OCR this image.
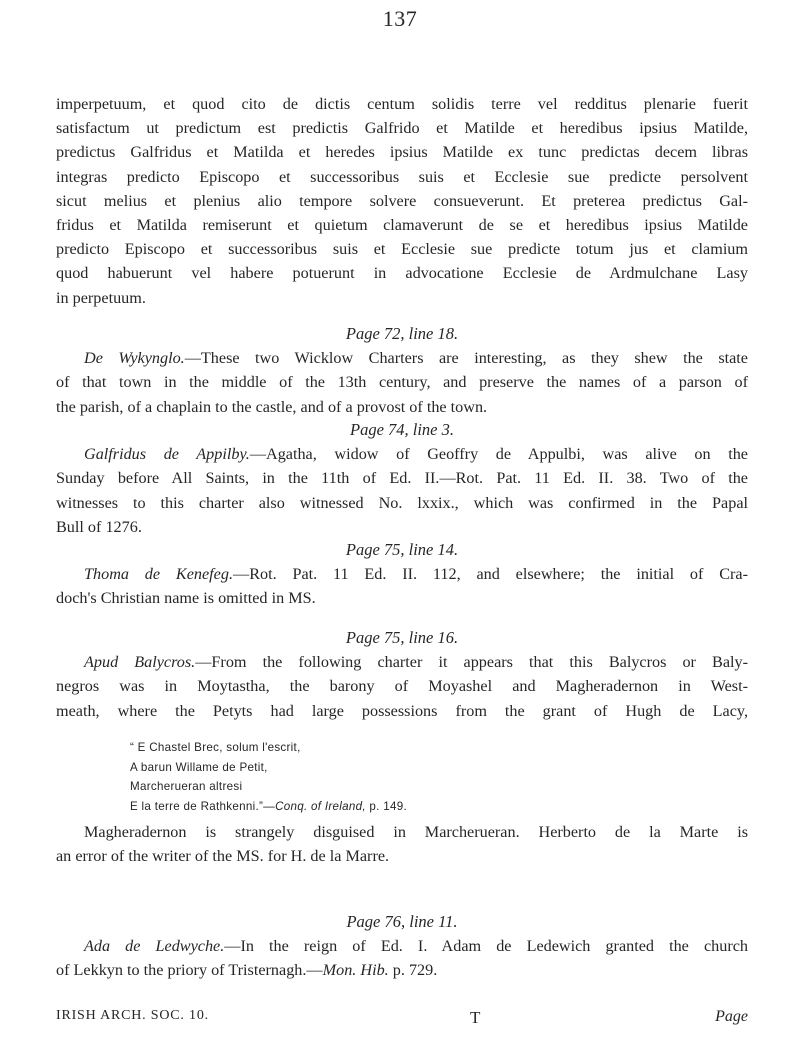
137
imperpetuum, et quod cito de dictis centum solidis terre vel redditus plenarie fuerit
satisfactum ut predictum est predictis Galfrido et Matilde et heredibus ipsius Matilde,
predictus Galfridus et Matilda et heredes ipsius Matilde ex tunc predictas decem libras
integras predicto Episcopo et successoribus suis et Ecclesie sue predicte persolvent
sicut melius et plenius alio tempore solvere consueverunt. Et preterea predictus Gal-
fridus et Matilda remiserunt et quietum clamaverunt de se et heredibus ipsius Matilde
predicto Episcopo et successoribus suis et Ecclesie sue predicte totum jus et clamium
quod habuerunt vel habere potuerunt in advocatione Ecclesie de Ardmulchane Lasy
in perpetuum.
Page 72, line 18.
De Wykynglo.—These two Wicklow Charters are interesting, as they shew the state
of that town in the middle of the 13th century, and preserve the names of a parson of
the parish, of a chaplain to the castle, and of a provost of the town.
Page 74, line 3.
Galfridus de Appilby.—Agatha, widow of Geoffry de Appulbi, was alive on the
Sunday before All Saints, in the 11th of Ed. II.—Rot. Pat. 11 Ed. II. 38. Two of the
witnesses to this charter also witnessed No. lxxix., which was confirmed in the Papal
Bull of 1276.
Page 75, line 14.
Thoma de Kenefeg.—Rot. Pat. 11 Ed. II. 112, and elsewhere; the initial of Cra-
doch's Christian name is omitted in MS.
Page 75, line 16.
Apud Balycros.—From the following charter it appears that this Balycros or Baly-
negros was in Moytastha, the barony of Moyashel and Magheradernon in West-
meath, where the Petyts had large possessions from the grant of Hugh de Lacy,
“ E Chastel Brec, solum l'escrit,
A barun Willame de Petit,
Marcherueran altresi
E la terre de Rathkenni.”—Conq. of Ireland, p. 149.
Magheradernon is strangely disguised in Marcherueran. Herberto de la Marte is
an error of the writer of the MS. for H. de la Marre.
Page 76, line 11.
Ada de Ledwyche.—In the reign of Ed. I. Adam de Ledewich granted the church
of Lekkyn to the priory of Tristernagh.—Mon. Hib. p. 729.
IRISH ARCH. SOC. 10.	T	Page
